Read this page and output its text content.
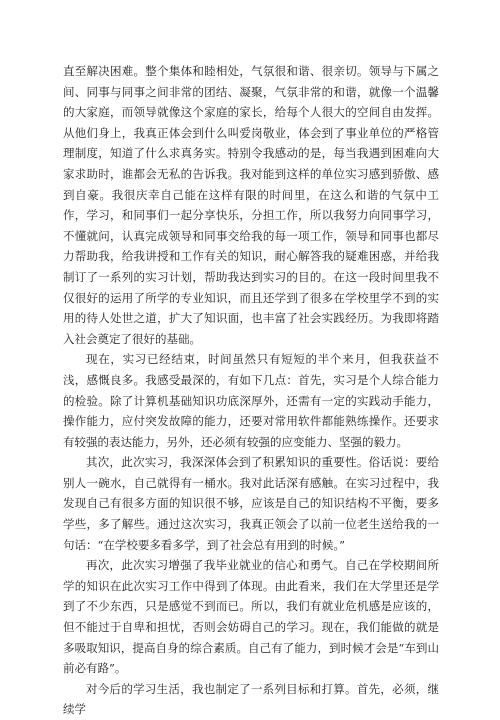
直至解决困难。整个集体和睦相处，气氛很和谐、很亲切。领导与下属之间、同事与同事之间非常的团结、凝聚，气氛非常的和谐，就像一个温馨的大家庭，而领导就像这个家庭的家长，给每个人很大的空间自由发挥。从他们身上，我真正体会到什么叫爱岗敬业，体会到了事业单位的严格管理制度，知道了什么求真务实。特别令我感动的是，每当我遇到困难向大家求助时，谁都会无私的告诉我。我对能到这样的单位实习感到骄傲、感到自豪。我很庆幸自己能在这样有限的时间里，在这么和谐的气氛中工作，学习，和同事们一起分享快乐，分担工作，所以我努力向同事学习，不懂就问，认真完成领导和同事交给我的每一项工作，领导和同事也都尽力帮助我，给我讲授和工作有关的知识，耐心解答我的疑难困惑，并给我制订了一系列的实习计划，帮助我达到实习的目的。在这一段时间里我不仅很好的运用了所学的专业知识，而且还学到了很多在学校里学不到的实用的待人处世之道，扩大了知识面，也丰富了社会实践经历。为我即将踏入社会奠定了很好的基础。

现在，实习已经结束，时间虽然只有短短的半个来月，但我获益不浅，感慨良多。我感受最深的，有如下几点：首先，实习是个人综合能力的检验。除了计算机基础知识功底深厚外，还需有一定的实践动手能力，操作能力，应付突发故障的能力，还要对常用软件都能熟练操作。还要求有较强的表达能力，另外，还必须有较强的应变能力、坚强的毅力。

其次，此次实习，我深深体会到了积累知识的重要性。俗话说：要给别人一碗水，自己就得有一桶水。我对此话深有感触。在实习过程中，我发现自己有很多方面的知识很不够，应该是自己的知识结构不平衡，要多学些，多了解些。通过这次实习，我真正领会了以前一位老生送给我的一句话：“在学校要多看多学，到了社会总有用到的时候。”

再次，此次实习增强了我毕业就业的信心和勇气。自己在学校期间所学的知识在此次实习工作中得到了体现。由此看来，我们在大学里还是学到了不少东西，只是感觉不到而已。所以，我们有就业危机感是应该的，但不能过于自卑和担忧，否则会妨碍自己的学习。现在，我们能做的就是多吸取知识，提高自身的综合素质。自己有了能力，到时候才会是“车到山前必有路”。

对今后的学习生活，我也制定了一系列目标和打算。首先，必须，继续学
